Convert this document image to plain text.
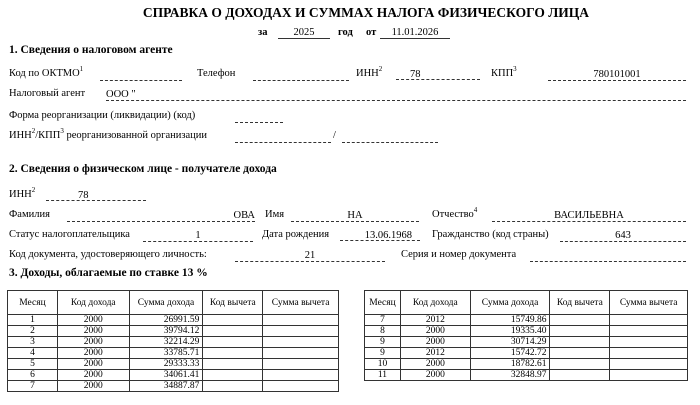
СПРАВКА О ДОХОДАХ И СУММАХ НАЛОГА ФИЗИЧЕСКОГО ЛИЦА
за	2025	год от	11.01.2026
1. Сведения о налоговом агенте
Код по ОКТМО$^1$	Телефон	ИНН$^2$	78	КПП$^3$	780101001
Налоговый агент ООО "
Форма реорганизации (ликвидации) (код)
ИНН$^2$/КПП$^3$ реорганизованной организации	/
2. Сведения о физическом лице - получателе дохода
ИНН$^2$	78
Фамилия	ОВА Имя	НА	Отчество$^4$	ВАСИЛЬЕВНА
Статус налогоплательщика	1	Дата рождения	13.06.1968	Гражданство (код страны)	643
Код документа, удостоверяющего личность:	21	Серия и номер документа
3. Доходы, облагаемые по ставке 13 %
Месяц	Код дохода	Сумма дохода	Код вычета	Сумма вычета
1	2000	26991.59		
2	2000	39794.12		
3	2000	32214.29		
4	2000	33785.71		
5	2000	29333.33		
6	2000	34061.41		
7	2000	34887.87		
Месяц	Код дохода	Сумма дохода	Код вычета	Сумма вычета
7	2012	15749.86		
8	2000	19335.40		
9	2000	30714.29		
9	2012	15742.72		
10	2000	18782.61		
11	2000	32848.97		
